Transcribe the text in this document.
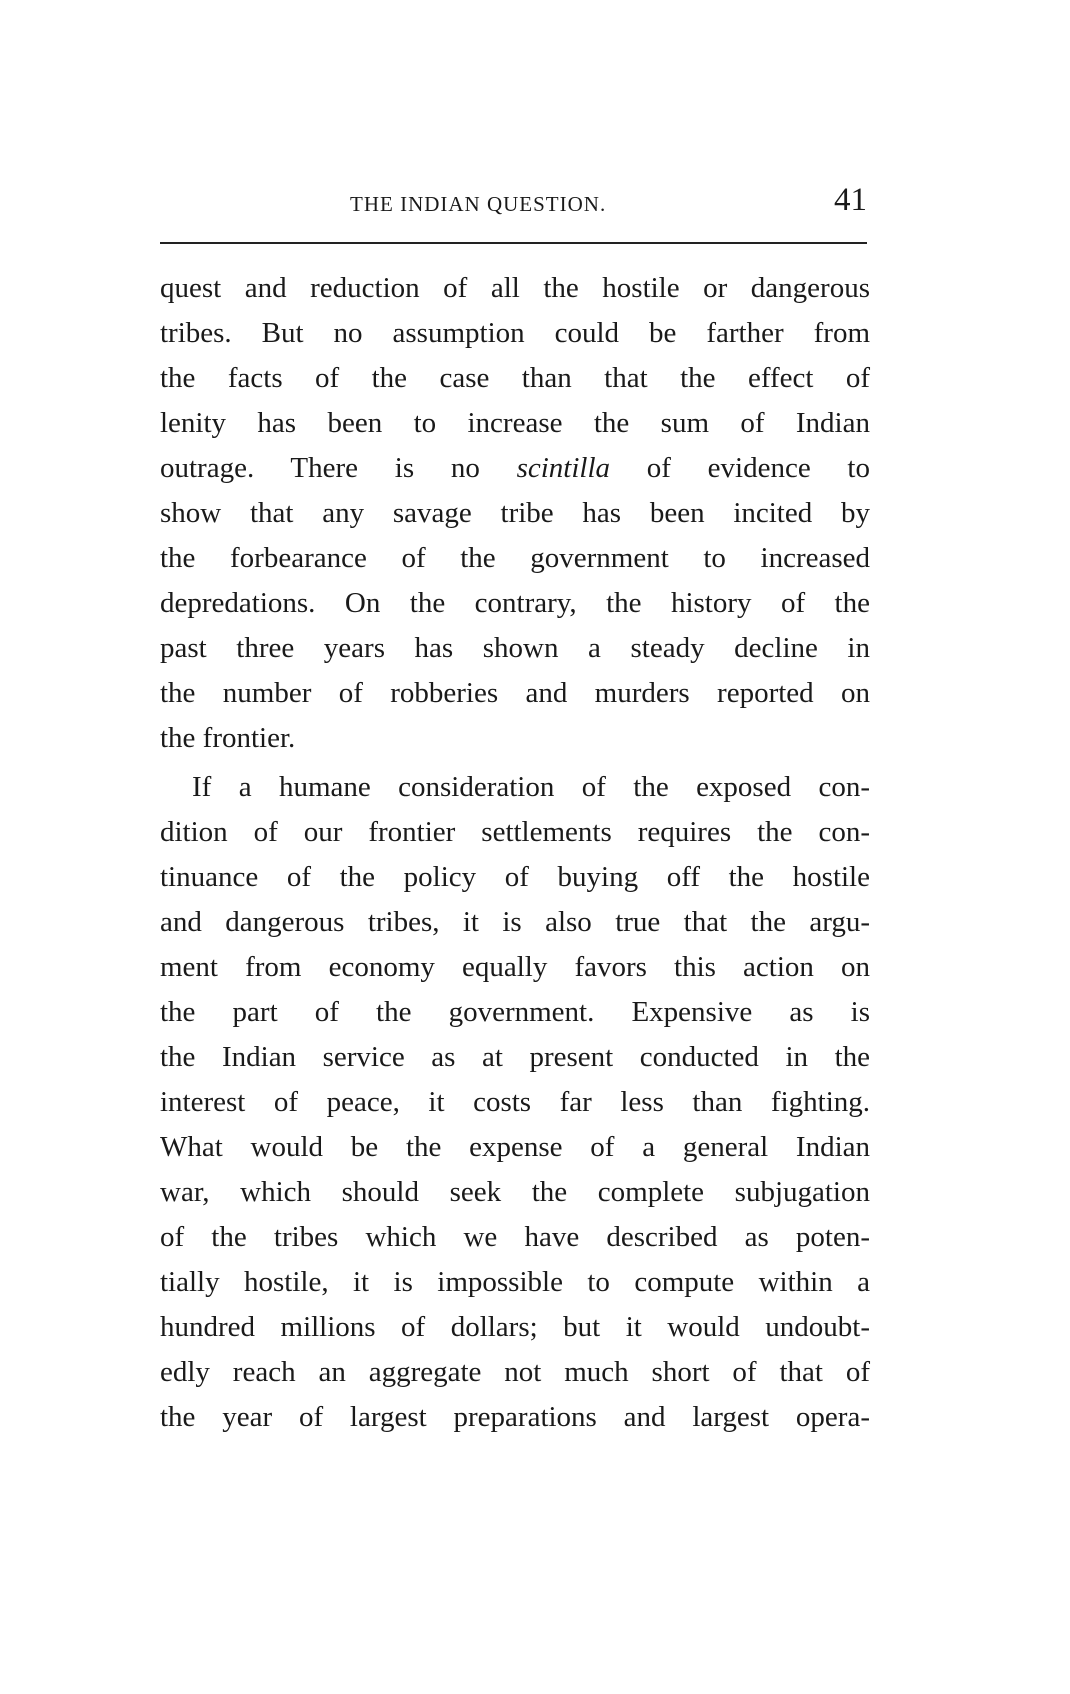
THE INDIAN QUESTION.	41
quest and reduction of all the hostile or dangerous
tribes. But no assumption could be farther from
the facts of the case than that the effect of
lenity has been to increase the sum of Indian
outrage. There is no scintilla of evidence to
show that any savage tribe has been incited by
the forbearance of the government to increased
depredations. On the contrary, the history of the
past three years has shown a steady decline in
the number of robberies and murders reported on
the frontier.
If a humane consideration of the exposed con-
dition of our frontier settlements requires the con-
tinuance of the policy of buying off the hostile
and dangerous tribes, it is also true that the argu-
ment from economy equally favors this action on
the part of the government. Expensive as is
the Indian service as at present conducted in the
interest of peace, it costs far less than fighting.
What would be the expense of a general Indian
war, which should seek the complete subjugation
of the tribes which we have described as poten-
tially hostile, it is impossible to compute within a
hundred millions of dollars; but it would undoubt-
edly reach an aggregate not much short of that of
the year of largest preparations and largest opera-
